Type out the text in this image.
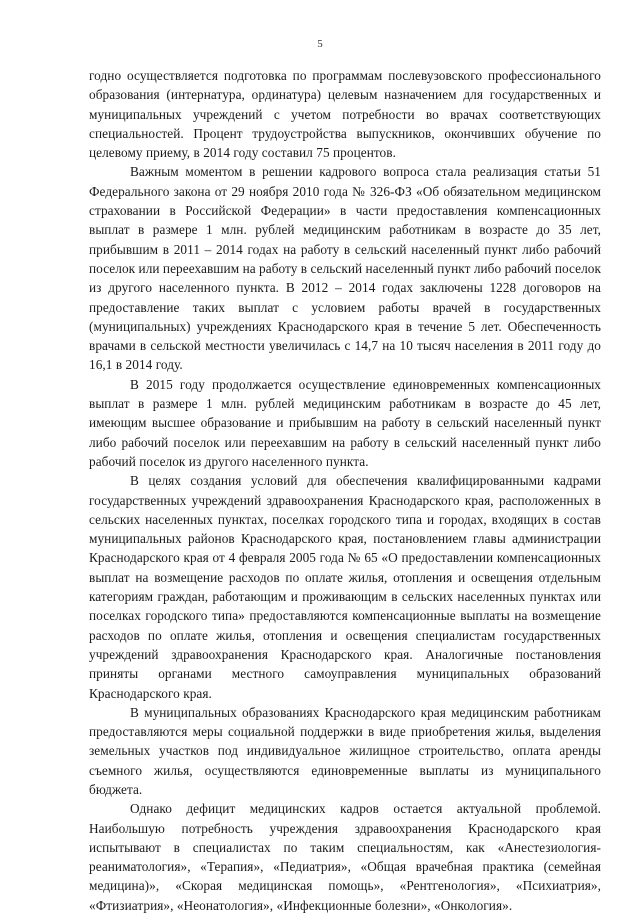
5

годно осуществляется подготовка по программам послевузовского профессионального образования (интернатура, ординатура) целевым назначением для государственных и муниципальных учреждений с учетом потребности во врачах соответствующих специальностей. Процент трудоустройства выпускников, окончивших обучение по целевому приему, в 2014 году составил 75 процентов.

Важным моментом в решении кадрового вопроса стала реализация статьи 51 Федерального закона от 29 ноября 2010 года № 326-ФЗ «Об обязательном медицинском страховании в Российской Федерации» в части предоставления компенсационных выплат в размере 1 млн. рублей медицинским работникам в возрасте до 35 лет, прибывшим в 2011 – 2014 годах на работу в сельский населенный пункт либо рабочий поселок или переехавшим на работу в сельский населенный пункт либо рабочий поселок из другого населенного пункта. В 2012 – 2014 годах заключены 1228 договоров на предоставление таких выплат с условием работы врачей в государственных (муниципальных) учреждениях Краснодарского края в течение 5 лет. Обеспеченность врачами в сельской местности увеличилась с 14,7 на 10 тысяч населения в 2011 году до 16,1 в 2014 году.

В 2015 году продолжается осуществление единовременных компенсационных выплат в размере 1 млн. рублей медицинским работникам в возрасте до 45 лет, имеющим высшее образование и прибывшим на работу в сельский населенный пункт либо рабочий поселок или переехавшим на работу в сельский населенный пункт либо рабочий поселок из другого населенного пункта.

В целях создания условий для обеспечения квалифицированными кадрами государственных учреждений здравоохранения Краснодарского края, расположенных в сельских населенных пунктах, поселках городского типа и городах, входящих в состав муниципальных районов Краснодарского края, постановлением главы администрации Краснодарского края от 4 февраля 2005 года № 65 «О предоставлении компенсационных выплат на возмещение расходов по оплате жилья, отопления и освещения отдельным категориям граждан, работающим и проживающим в сельских населенных пунктах или поселках городского типа» предоставляются компенсационные выплаты на возмещение расходов по оплате жилья, отопления и освещения специалистам государственных учреждений здравоохранения Краснодарского края. Аналогичные постановления приняты органами местного самоуправления муниципальных образований Краснодарского края.

В муниципальных образованиях Краснодарского края медицинским работникам предоставляются меры социальной поддержки в виде приобретения жилья, выделения земельных участков под индивидуальное жилищное строительство, оплата аренды съемного жилья, осуществляются единовременные выплаты из муниципального бюджета.

Однако дефицит медицинских кадров остается актуальной проблемой. Наибольшую потребность учреждения здравоохранения Краснодарского края испытывают в специалистах по таким специальностям, как «Анестезиология-реаниматология», «Терапия», «Педиатрия», «Общая врачебная практика (семейная медицина)», «Скорая медицинская помощь», «Рентгенология», «Психиатрия», «Фтизиатрия», «Неонатология», «Инфекционные болезни», «Онкология».
